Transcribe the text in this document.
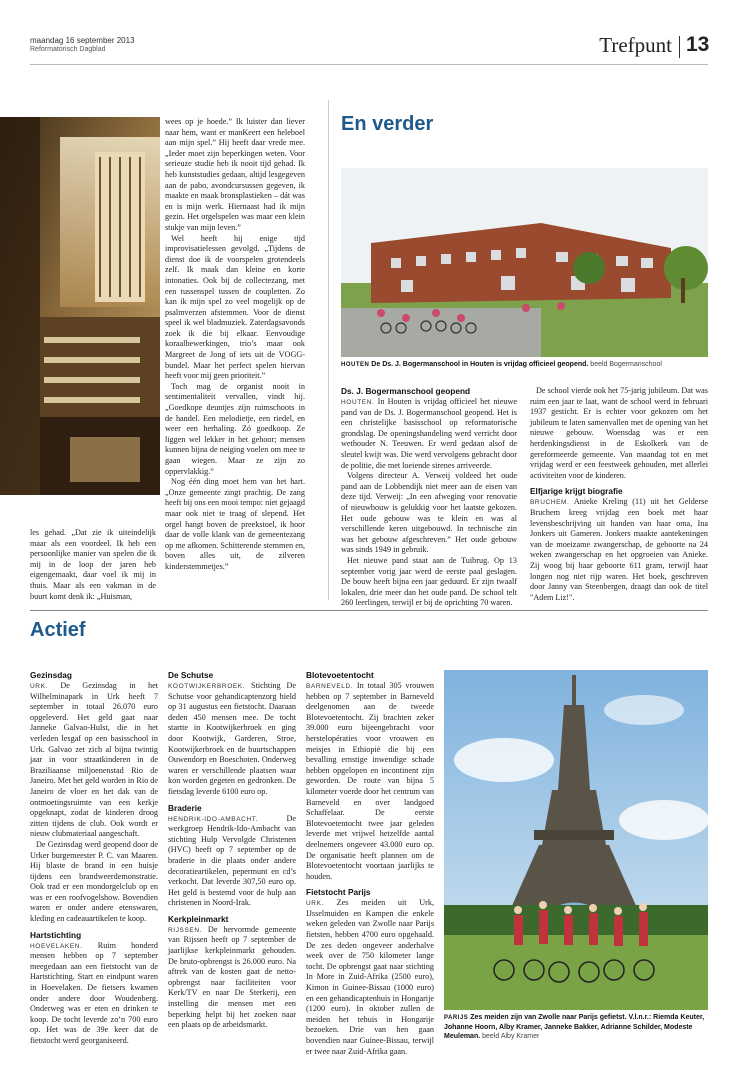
maandag 16 september 2013
Reformatorisch Dagblad	Trefpunt 13

les gehad. „Dat zie ik uiteindelijk maar als een voordeel. Ik heb een persoonlijke manier van spelen die ik mij in de loop der jaren heb eigengemaakt, daar voel ik mij in thuis. Maar als een vakman in de buurt komt denk ik: „Huisman,

wees op je hoede.” Ik luister dan liever naar hem, want er manKeert een heleboel aan mijn spel.” Hij heeft daar vrede mee. „Ieder moet zijn beperkingen weten. Voor serieuze studie heb ik nooit tijd gehad. Ik heb kunststudies gedaan, altijd lesgegeven aan de pabo, avondcursussen gegeven, ik maakte en maak bronsplastieken – dát was en is mijn werk. Hiernaast had ik mijn gezin. Het orgelspelen was maar een klein stukje van mijn leven.”

Wel heeft hij enige tijd improvisatielessen gevolgd. „Tijdens de dienst doe ik de voorspelen grotendeels zelf. Ik maak dan kleine en korte intonaties. Ook bij de collectezang, met een tussenspel tussen de coupletten. Zo kan ik mijn spel zo veel mogelijk op de psalmverzen afstemmen. Voor de dienst speel ik wel bladmuziek. Zaterdagsavonds zoek ik die bij elkaar. Eenvoudige koraalbewerkingen, trio’s maar ook Margreet de Jong of iets uit de VOGG-bundel. Maar het perfect spelen hiervan heeft voor mij geen prioriteit.”

Toch mag de organist nooit in sentimentaliteit vervallen, vindt hij. „Goedkope deuntjes zijn ruimschoots in de handel. Een melodietje, een riedel, en weer een herhaling. Zó goedkoop. Ze liggen wel lekker in het gehoor; mensen kunnen bijna de neiging voelen om mee te gaan wiegen. Maar ze zijn zo oppervlakkig.”

Nog één ding moet hem van het hart. „Onze gemeente zingt prachtig. De zang heeft bij ons een mooi tempo: niet gejaagd maar ook niet te traag of slepend. Het orgel hangt boven de preekstoel, ik hoor daar de volle klank van de gemeentezang op me afkomen. Schitterende stemmen en, boven alles uit, de zilveren kinderstemmetjes.”

En verder
HOUTEN De Ds. J. Bogermanschool in Houten is vrijdag officieel geopend. beeld Bogermanschool
Ds. J. Bogermanschool geopend

HOUTEN. In Houten is vrijdag officieel het nieuwe pand van de Ds. J. Bogermanschool geopend. Het is een christelijke basisschool op reformatorische grondslag. De openingshandeling werd verricht door wethouder N. Teeuwen. Er werd gedaan alsof de sleutel kwijt was. Die werd vervolgens gebracht door de politie, die met loeiende sirenes arriveerde.

Volgens directeur A. Verweij voldeed het oude pand aan de Lobbendijk niet meer aan de eisen van deze tijd. Verweij: „In een afweging voor renovatie of nieuwbouw is gelukkig voor het laatste gekozen. Het oude gebouw was te klein en was al verschillende keren uitgebouwd. In technische zin was het gebouw afgeschreven.” Het oude gebouw was sinds 1949 in gebruik.

Het nieuwe pand staat aan de Tuibrug. Op 13 september vorig jaar werd de eerste paal geslagen. De bouw heeft bijna een jaar geduurd. Er zijn twaalf lokalen, drie meer dan het oude pand. De school telt 260 leerlingen, terwijl er bij de oprichting 70 waren.

De school vierde ook het 75-jarig jubileum. Dat was ruim een jaar te laat, want de school werd in februari 1937 gesticht. Er is echter voor gekozen om het jubileum te laten samenvallen met de opening van het nieuwe gebouw. Woensdag was er een herdenkingsdienst in de Eskolkerk van de gereformeerde gemeente. Van maandag tot en met vrijdag werd er een feestweek gehouden, met allerlei activiteiten voor de kinderen.

Elfjarige krijgt biografie

BRUCHEM. Anieke Kreling (11) uit het Gelderse Bruchem kreeg vrijdag een boek met haar levensbeschrijving uit handen van haar oma, Ina Jonkers uit Gameren. Jonkers maakte aantekeningen van de moeizame zwangerschap, de geboorte na 24 weken zwangerschap en het opgroeien van Anieke. Zij woog bij haar geboorte 611 gram, terwijl haar longen nog niet rijp waren. Het boek, geschreven door Janny van Steenbergen, draagt dan ook de titel "Adem Liz!".

Actief
Gezinsdag

URK. De Gezinsdag in het Wilhelminapark in Urk heeft 7 september in totaal 26.070 euro opgeleverd. Het geld gaat naar Janneke Galvao-Hulst, die in het verleden lesgaf op een basisschool in Urk. Galvao zet zich al bijna twintig jaar in voor straatkinderen in de Braziliaanse miljoenenstad Rio de Janeiro. Met het geld worden in Rio de Janeiro de vloer en het dak van de ontmoetingsruimte van een kerkje opgeknapt, zodat de kinderen droog zitten tijdens de club. Ook wordt er nieuw clubmateriaal aangeschaft.

De Gezinsdag werd geopend door de Urker burgemeester P. C. van Maaren. Hij blaste de brand in een huisje tijdens een brandweerdemonstratie. Ook trad er een mondorgelclub op en was er een roofvogelshow. Bovendien waren er onder andere etenswaren, kleding en cadeauartikelen te koop.

Hartstichting

HOEVELAKEN. Ruim honderd mensen hebben op 7 september meegedaan aan een fietstocht van de Hartstichting. Start en eindpunt waren in Hoevelaken. De fietsers kwamen onder andere door Woudenberg. Onderweg was er eten en drinken te koop. De tocht leverde zo’n 700 euro op. Het was de 39e keer dat de fietstocht werd georganiseerd.

De Schutse

KOOTWIJKERBROEK. Stichting De Schutse voor gehandicaptenzorg hield op 31 augustus een fietstocht. Daaraan deden 450 mensen mee. De tocht startte in Kootwijkerbroek en ging door Kootwijk, Garderen, Stroe, Kootwijkerbroek en de buurtschappen Ouwendorp en Boeschoten. Onderweg waren er verschillende plaatsen waar kon worden gegeten en gedronken. De fietsdag leverde 6100 euro op.

Braderie

HENDRIK-IDO-AMBACHT.	De werkgroep Hendrik-Ido-Ambacht van stichting Hulp Vervolgde Christenen (HVC) heeft op 7 september op de braderie in die plaats onder andere decoratieartikelen, pepermunt en cd’s verkocht. Dat leverde 307,50 euro op. Het geld is bestemd voor de hulp aan christenen in Noord-Irak.

Kerkpleinmarkt

RIJSSEN. De hervormde gemeente van Rijssen heeft op 7 september de jaarlijkse kerkpleinmarkt gehouden. De bruto-opbrengst is 26.000 euro. Na aftrek van de kosten gaat de netto-opbrengst naar faciliteiten voor Kerk/TV en naar De Sterkerij, een instelling die mensen met een beperking helpt bij het zoeken naar een plaats op de arbeidsmarkt.

Blotevoetentocht

BARNEVELD. In totaal 305 vrouwen hebben op 7 september in Barneveld deelgenomen aan de tweede Blotevoetentocht. Zij brachten zeker 39.000 euro bijeengebracht voor herstelopératies voor vrouwen en meisjes in Ethiopië die bij een bevalling ernstige inwendige schade hebben opgelopen en incontinent zijn geworden. De route van bijna 5 kilometer voerde door het centrum van Barneveld en over landgoed Schaffelaar. De eerste Blotevoetentocht twee jaar geleden leverde met vrijwel hetzelfde aantal deelnemers ongeveer 43.000 euro op. De organisatie heeft plannen om de Blotevoetentocht voortaan jaarlijks te houden.

Fietstocht Parijs

URK. Zes meiden uit Urk, IJsselmuiden en Kampen die enkele weken geleden van Zwolle naar Parijs fietsten, hebben 4700 euro opgehaald. De zes deden ongeveer anderhalve week over de 750 kilometer lange tocht. De opbrengst gaat naar stichting In More in Zuid-Afrika (2500 euro), Kimon in Guinee-Bissau (1000 euro) en een gehandicaptenhuis in Hongarije (1200 euro). In oktober zullen de meiden het tehuis in Hongarije bezoeken. Drie van hen gaan bovendien naar Guinee-Bissau, terwijl er twee naar Zuid-Afrika gaan.

PARIJS Zes meiden zijn van Zwolle naar Parijs gefietst. V.l.n.r.: Riemda Keuter, Johanne Hoorn, Alby Kramer, Janneke Bakker, Adrianne Schilder, Modeste Meuleman. beeld Alby Kramer
